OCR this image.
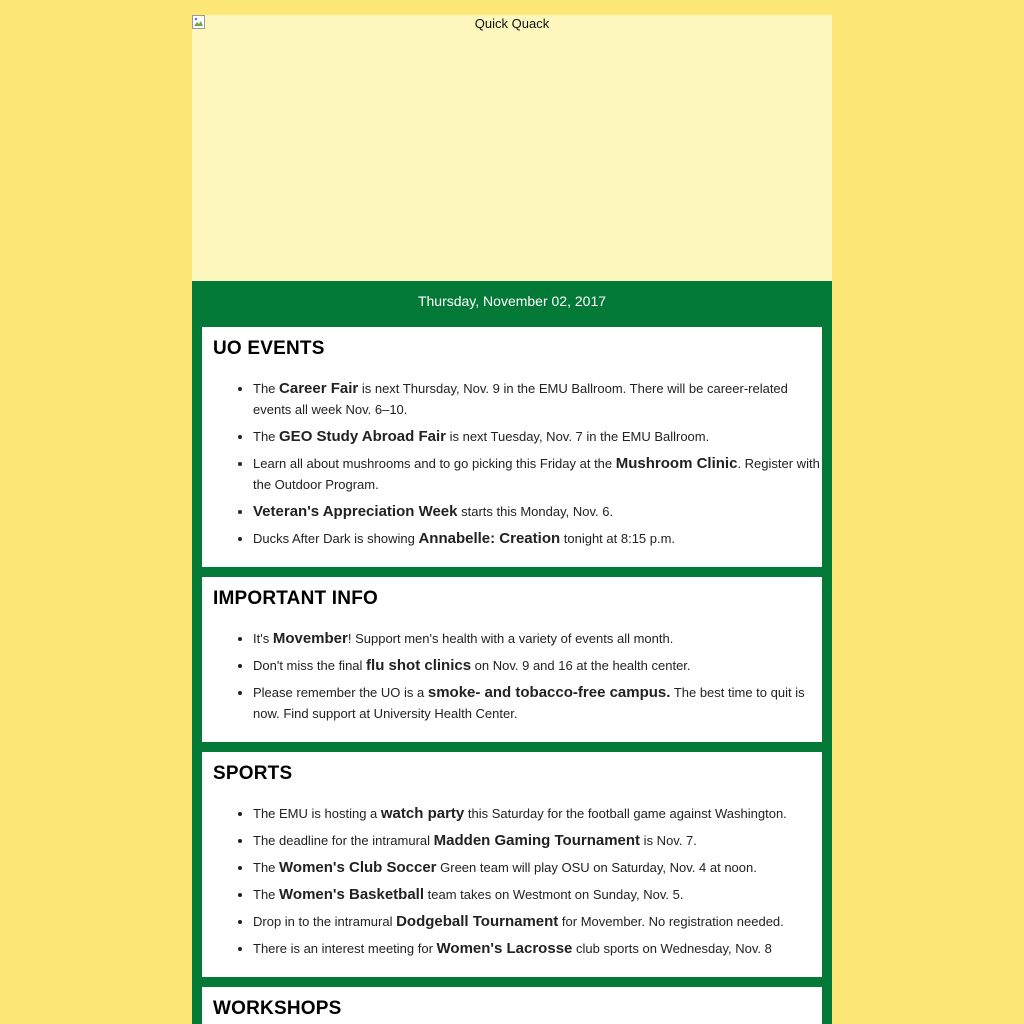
Quick Quack
Thursday, November 02, 2017
UO EVENTS
• The Career Fair is next Thursday, Nov. 9 in the EMU Ballroom. There will be career-related events all week Nov. 6–10.
• The GEO Study Abroad Fair is next Tuesday, Nov. 7 in the EMU Ballroom.
• Learn all about mushrooms and to go picking this Friday at the Mushroom Clinic. Register with the Outdoor Program.
• Veteran's Appreciation Week starts this Monday, Nov. 6.
• Ducks After Dark is showing Annabelle: Creation tonight at 8:15 p.m.
IMPORTANT INFO
• It's Movember! Support men's health with a variety of events all month.
• Don't miss the final flu shot clinics on Nov. 9 and 16 at the health center.
• Please remember the UO is a smoke- and tobacco-free campus. The best time to quit is now. Find support at University Health Center.
SPORTS
• The EMU is hosting a watch party this Saturday for the football game against Washington.
• The deadline for the intramural Madden Gaming Tournament is Nov. 7.
• The Women's Club Soccer Green team will play OSU on Saturday, Nov. 4 at noon.
• The Women's Basketball team takes on Westmont on Sunday, Nov. 5.
• Drop in to the intramural Dodgeball Tournament for Movember. No registration needed.
• There is an interest meeting for Women's Lacrosse club sports on Wednesday, Nov. 8
WORKSHOPS
